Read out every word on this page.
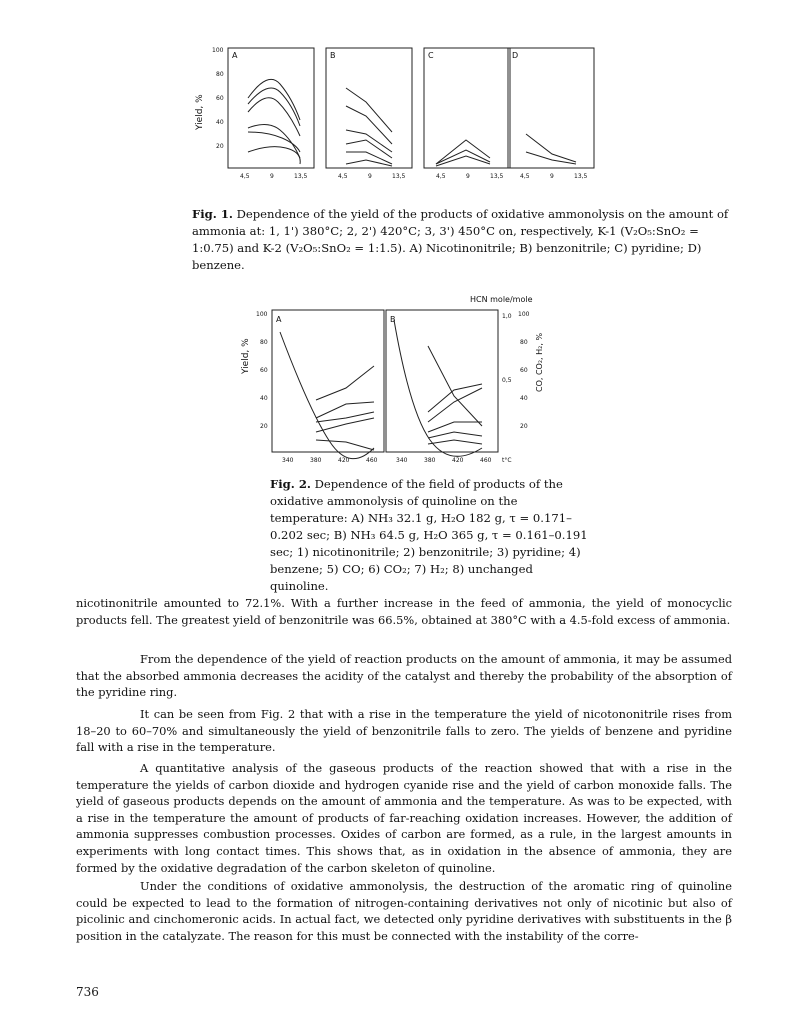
Yield, %
100
80
60
40
20
A	B	C	D
4,5	9	13,5	4,5	9	13,5	4,5	9	13,5	4,5	9	13,5
Fig. 1. Dependence of the yield of the products of oxidative ammonolysis on the amount of ammonia at: 1, 1') 380°C; 2, 2') 420°C; 3, 3') 450°C on, respectively, K-1 (V₂O₅:SnO₂ = 1:0.75) and K-2 (V₂O₅:SnO₂ = 1:1.5). A) Nicotinonitrile; B) benzonitrile; C) pyridine; D) benzene.
HCN mole/mole
Yield, %	CO, CO₂, H₂, %
A	B
100
80
60
40
20
100
80
60
40
20
1,0
0,5
340	380	420	460	340	380	420	460 t°C
Fig. 2. Dependence of the field of products of the oxidative ammonolysis of quinoline on the temperature: A) NH₃ 32.1 g, H₂O 182 g, τ = 0.171–0.202 sec; B) NH₃ 64.5 g, H₂O 365 g, τ = 0.161–0.191 sec; 1) nicotinonitrile; 2) benzonitrile; 3) pyridine; 4) benzene; 5) CO; 6) CO₂; 7) H₂; 8) unchanged quinoline.

nicotinonitrile amounted to 72.1%. With a further increase in the feed of ammonia, the yield of monocyclic products fell. The greatest yield of benzonitrile was 66.5%, obtained at 380°C with a 4.5-fold excess of ammonia.

From the dependence of the yield of reaction products on the amount of ammonia, it may be assumed that the absorbed ammonia decreases the acidity of the catalyst and thereby the probability of the absorption of the pyridine ring.

It can be seen from Fig. 2 that with a rise in the temperature the yield of nicotononitrile rises from 18–20 to 60–70% and simultaneously the yield of benzonitrile falls to zero. The yields of benzene and pyridine fall with a rise in the temperature.

A quantitative analysis of the gaseous products of the reaction showed that with a rise in the temperature the yields of carbon dioxide and hydrogen cyanide rise and the yield of carbon monoxide falls. The yield of gaseous products depends on the amount of ammonia and the temperature. As was to be expected, with a rise in the temperature the amount of products of far-reaching oxidation increases. However, the addition of ammonia suppresses combustion processes. Oxides of carbon are formed, as a rule, in the largest amounts in experiments with long contact times. This shows that, as in oxidation in the absence of ammonia, they are formed by the oxidative degradation of the carbon skeleton of quinoline.

Under the conditions of oxidative ammonolysis, the destruction of the aromatic ring of quinoline could be expected to lead to the formation of nitrogen-containing derivatives not only of nicotinic but also of picolinic and cinchomeronic acids. In actual fact, we detected only pyridine derivatives with substituents in the β position in the catalyzate. The reason for this must be connected with the instability of the corre-

736
